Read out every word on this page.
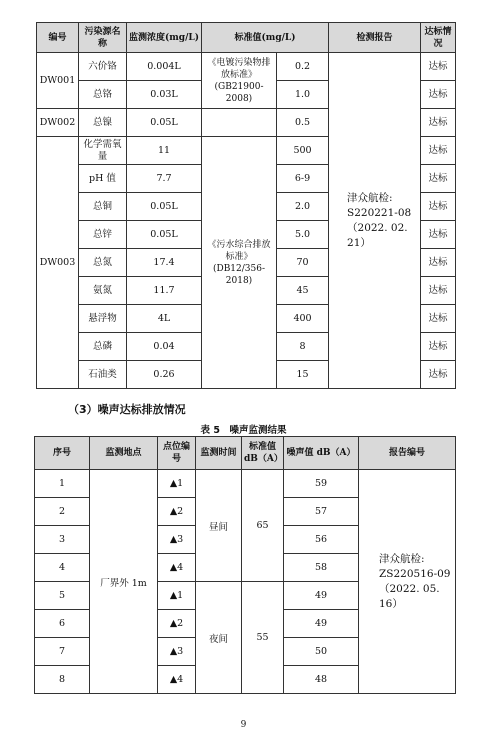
编号	污染源名称	监测浓度(mg/L)	标准值(mg/L)		检测报告	达标情况
DW001	六价铬	0.004L	《电镀污染物排放标准》(GB21900-2008)	0.2	津众航检: S220221-08 （2022. 02. 21）	达标
	总铬	0.03L		1.0		达标
DW002	总镍	0.05L		0.5		达标
DW003	化学需氧量	11	《污水综合排放标准》(DB12/356-2018)	500		达标
	pH 值	7.7		6-9		达标
	总铜	0.05L		2.0		达标
	总锌	0.05L		5.0		达标
	总氮	17.4		70		达标
	氨氮	11.7		45		达标
	悬浮物	4L		400		达标
	总磷	0.04		8		达标
	石油类	0.26		15		达标
（3）噪声达标排放情况
表 5　噪声监测结果
序号	监测地点	点位编号	监测时间	标准值 dB（A）	噪声值 dB（A）	报告编号
1	厂界外 1m	▲1	昼间	65	59	津众航检: ZS220516-09 （2022. 05. 16）
2		▲2			57	
3		▲3			56	
4		▲4			58	
5		▲1	夜间	55	49	
6		▲2			49	
7		▲3			50	
8		▲4			48	
9
